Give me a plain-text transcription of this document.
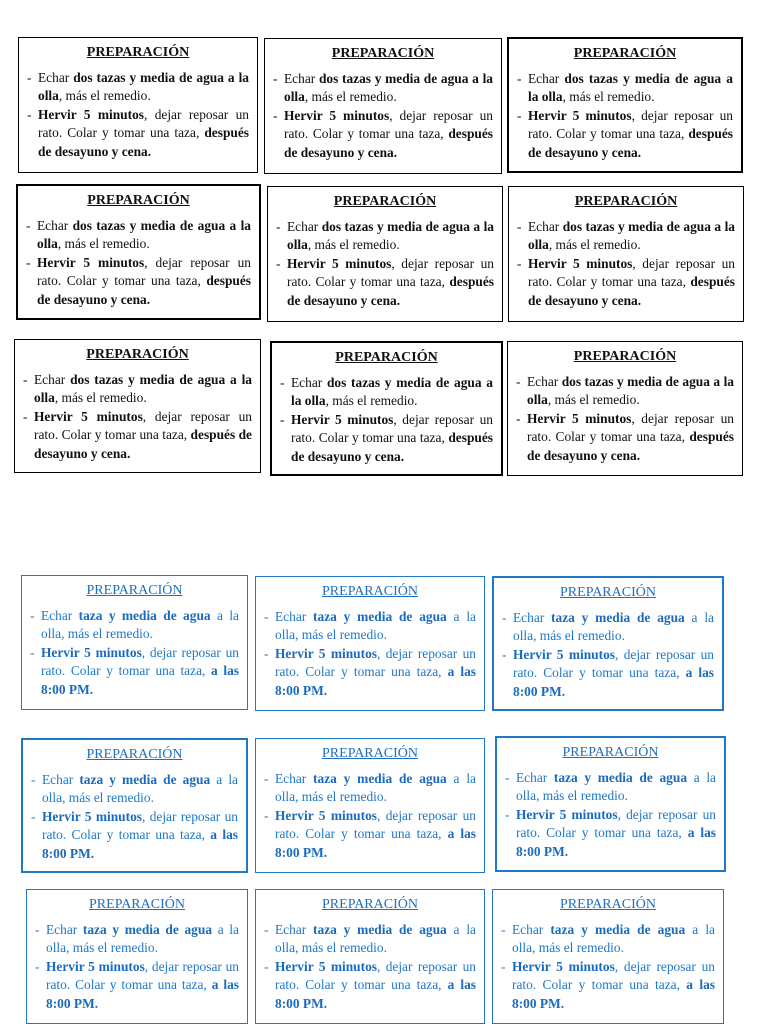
PREPARACIÓN
- Echar dos tazas y media de agua a la olla, más el remedio.
- Hervir 5 minutos, dejar reposar un rato. Colar y tomar una taza, después de desayuno y cena.
PREPARACIÓN
- Echar dos tazas y media de agua a la olla, más el remedio.
- Hervir 5 minutos, dejar reposar un rato. Colar y tomar una taza, después de desayuno y cena.
PREPARACIÓN
- Echar dos tazas y media de agua a la olla, más el remedio.
- Hervir 5 minutos, dejar reposar un rato. Colar y tomar una taza, después de desayuno y cena.
PREPARACIÓN
- Echar dos tazas y media de agua a la olla, más el remedio.
- Hervir 5 minutos, dejar reposar un rato. Colar y tomar una taza, después de desayuno y cena.
PREPARACIÓN
- Echar dos tazas y media de agua a la olla, más el remedio.
- Hervir 5 minutos, dejar reposar un rato. Colar y tomar una taza, después de desayuno y cena.
PREPARACIÓN
- Echar dos tazas y media de agua a la olla, más el remedio.
- Hervir 5 minutos, dejar reposar un rato. Colar y tomar una taza, después de desayuno y cena.
PREPARACIÓN
- Echar dos tazas y media de agua a la olla, más el remedio.
- Hervir 5 minutos, dejar reposar un rato. Colar y tomar una taza, después de desayuno y cena.
PREPARACIÓN
- Echar dos tazas y media de agua a la olla, más el remedio.
- Hervir 5 minutos, dejar reposar un rato. Colar y tomar una taza, después de desayuno y cena.
PREPARACIÓN
- Echar dos tazas y media de agua a la olla, más el remedio.
- Hervir 5 minutos, dejar reposar un rato. Colar y tomar una taza, después de desayuno y cena.
PREPARACIÓN
- Echar taza y media de agua a la olla, más el remedio.
- Hervir 5 minutos, dejar reposar un rato. Colar y tomar una taza, a las 8:00 PM.
PREPARACIÓN
- Echar taza y media de agua a la olla, más el remedio.
- Hervir 5 minutos, dejar reposar un rato. Colar y tomar una taza, a las 8:00 PM.
PREPARACIÓN
- Echar taza y media de agua a la olla, más el remedio.
- Hervir 5 minutos, dejar reposar un rato. Colar y tomar una taza, a las 8:00 PM.
PREPARACIÓN
- Echar taza y media de agua a la olla, más el remedio.
- Hervir 5 minutos, dejar reposar un rato. Colar y tomar una taza, a las 8:00 PM.
PREPARACIÓN
- Echar taza y media de agua a la olla, más el remedio.
- Hervir 5 minutos, dejar reposar un rato. Colar y tomar una taza, a las 8:00 PM.
PREPARACIÓN
- Echar taza y media de agua a la olla, más el remedio.
- Hervir 5 minutos, dejar reposar un rato. Colar y tomar una taza, a las 8:00 PM.
PREPARACIÓN
- Echar taza y media de agua a la olla, más el remedio.
- Hervir 5 minutos, dejar reposar un rato. Colar y tomar una taza, a las 8:00 PM.
PREPARACIÓN
- Echar taza y media de agua a la olla, más el remedio.
- Hervir 5 minutos, dejar reposar un rato. Colar y tomar una taza, a las 8:00 PM.
PREPARACIÓN
- Echar taza y media de agua a la olla, más el remedio.
- Hervir 5 minutos, dejar reposar un rato. Colar y tomar una taza, a las 8:00 PM.
